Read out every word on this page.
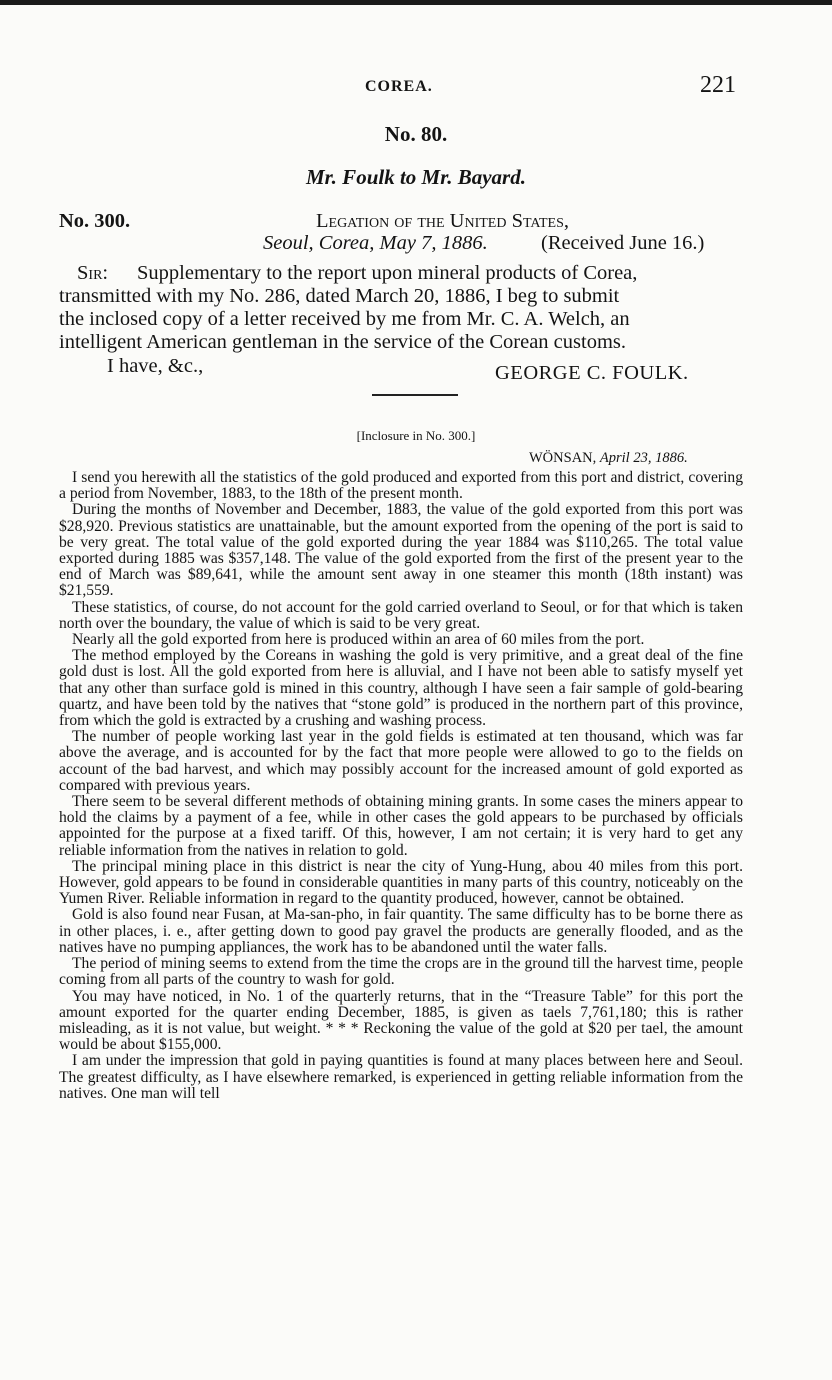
COREA.	221
No. 80.
Mr. Foulk to Mr. Bayard.
No. 300.	Legation of the United States,
Seoul, Corea, May 7, 1886.	(Received June 16.)
Sir: Supplementary to the report upon mineral products of Corea,
transmitted with my No. 286, dated March 20, 1886, I beg to submit
the inclosed copy of a letter received by me from Mr. C. A. Welch, an
intelligent American gentleman in the service of the Corean customs.
I have, &c.,	GEORGE C. FOULK.
[Inclosure in No. 300.]
WÖNSAN, April 23, 1886.

I send you herewith all the statistics of the gold produced and exported from this port and district, covering a period from November, 1883, to the 18th of the present month.

During the months of November and December, 1883, the value of the gold exported from this port was $28,920. Previous statistics are unattainable, but the amount exported from the opening of the port is said to be very great. The total value of the gold exported during the year 1884 was $110,265. The total value exported during 1885 was $357,148. The value of the gold exported from the first of the present year to the end of March was $89,641, while the amount sent away in one steamer this month (18th instant) was $21,559.

These statistics, of course, do not account for the gold carried overland to Seoul, or for that which is taken north over the boundary, the value of which is said to be very great.

Nearly all the gold exported from here is produced within an area of 60 miles from the port.

The method employed by the Coreans in washing the gold is very primitive, and a great deal of the fine gold dust is lost. All the gold exported from here is alluvial, and I have not been able to satisfy myself yet that any other than surface gold is mined in this country, although I have seen a fair sample of gold-bearing quartz, and have been told by the natives that “stone gold” is produced in the northern part of this province, from which the gold is extracted by a crushing and washing process.

The number of people working last year in the gold fields is estimated at ten thousand, which was far above the average, and is accounted for by the fact that more people were allowed to go to the fields on account of the bad harvest, and which may possibly account for the increased amount of gold exported as compared with previous years.

There seem to be several different methods of obtaining mining grants. In some cases the miners appear to hold the claims by a payment of a fee, while in other cases the gold appears to be purchased by officials appointed for the purpose at a fixed tariff. Of this, however, I am not certain; it is very hard to get any reliable information from the natives in relation to gold.

The principal mining place in this district is near the city of Yung-Hung, abou 40 miles from this port. However, gold appears to be found in considerable quantities in many parts of this country, noticeably on the Yumen River. Reliable information in regard to the quantity produced, however, cannot be obtained.

Gold is also found near Fusan, at Ma-san-pho, in fair quantity. The same difficulty has to be borne there as in other places, i. e., after getting down to good pay gravel the products are generally flooded, and as the natives have no pumping appliances, the work has to be abandoned until the water falls.

The period of mining seems to extend from the time the crops are in the ground till the harvest time, people coming from all parts of the country to wash for gold.

You may have noticed, in No. 1 of the quarterly returns, that in the “Treasure Table” for this port the amount exported for the quarter ending December, 1885, is given as taels 7,761,180; this is rather misleading, as it is not value, but weight. * * * Reckoning the value of the gold at $20 per tael, the amount would be about $155,000.

I am under the impression that gold in paying quantities is found at many places between here and Seoul. The greatest difficulty, as I have elsewhere remarked, is experienced in getting reliable information from the natives. One man will tell
